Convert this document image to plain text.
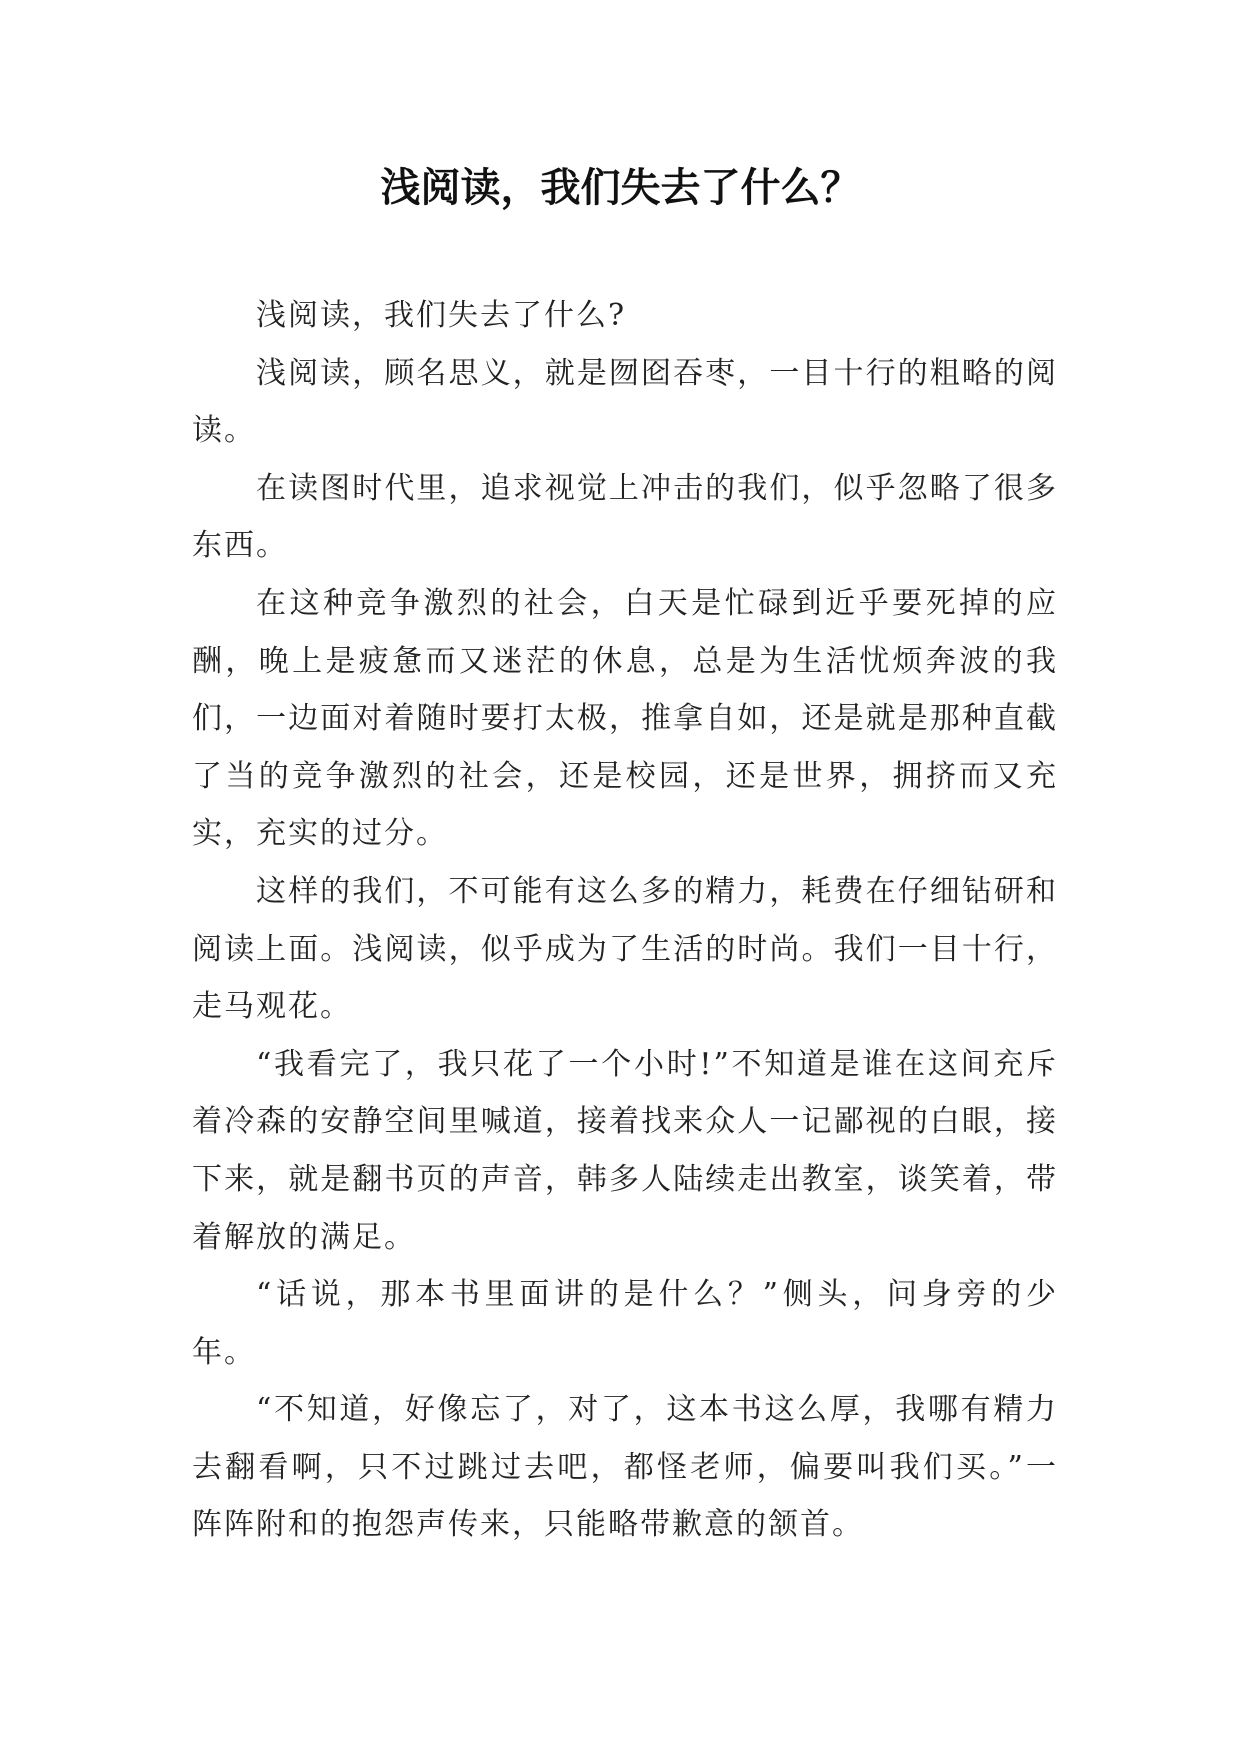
浅阅读，我们失去了什么？

浅阅读，我们失去了什么?

浅阅读，顾名思义，就是囫囵吞枣，一目十行的粗略的阅读。

在读图时代里，追求视觉上冲击的我们，似乎忽略了很多东西。

在这种竞争激烈的社会，白天是忙碌到近乎要死掉的应酬，晚上是疲惫而又迷茫的休息，总是为生活忧烦奔波的我们，一边面对着随时要打太极，推拿自如，还是就是那种直截了当的竞争激烈的社会，还是校园，还是世界，拥挤而又充实，充实的过分。

这样的我们，不可能有这么多的精力，耗费在仔细钻研和阅读上面。浅阅读，似乎成为了生活的时尚。我们一目十行，走马观花。

“我看完了，我只花了一个小时!”不知道是谁在这间充斥着冷森的安静空间里喊道，接着找来众人一记鄙视的白眼，接下来，就是翻书页的声音，韩多人陆续走出教室，谈笑着，带着解放的满足。

“话说，那本书里面讲的是什么？”侧头，问身旁的少年。

“不知道，好像忘了，对了，这本书这么厚，我哪有精力去翻看啊，只不过跳过去吧，都怪老师，偏要叫我们买。”一阵阵附和的抱怨声传来，只能略带歉意的颔首。
